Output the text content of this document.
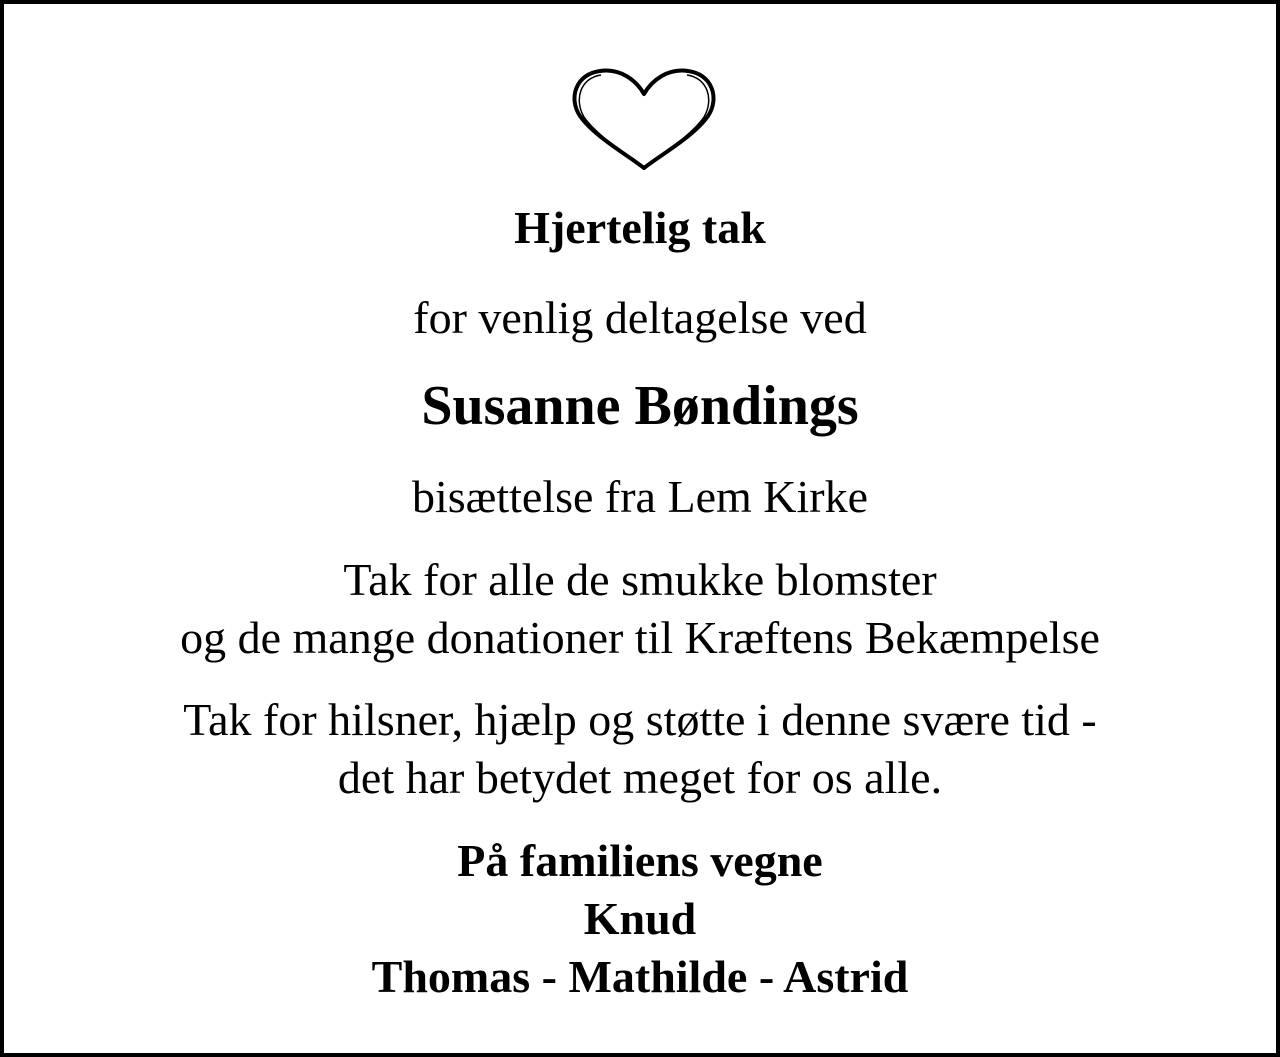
Hjertelig tak
for venlig deltagelse ved
Susanne Bøndings
bisættelse fra Lem Kirke
Tak for alle de smukke blomster
og de mange donationer til Kræftens Bekæmpelse
Tak for hilsner, hjælp og støtte i denne svære tid -
det har betydet meget for os alle.
På familiens vegne
Knud
Thomas - Mathilde - Astrid
